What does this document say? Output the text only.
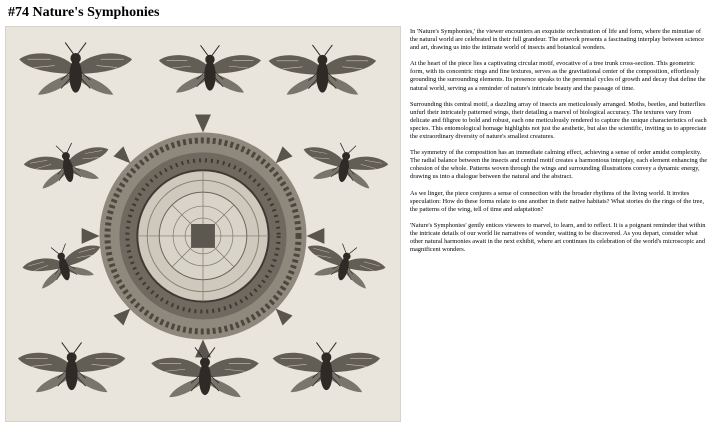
#74 Nature's Symphonies

In 'Nature's Symphonies,' the viewer encounters an exquisite orchestration of life and form, where the minutiae of the natural world are celebrated in their full grandeur. The artwork presents a fascinating interplay between science and art, drawing us into the intimate world of insects and botanical wonders.

At the heart of the piece lies a captivating circular motif, evocative of a tree trunk cross-section. This geometric form, with its concentric rings and fine textures, serves as the gravitational center of the composition, effortlessly grounding the surrounding elements. Its presence speaks to the perennial cycles of growth and decay that define the natural world, serving as a reminder of nature's intricate beauty and the passage of time.

Surrounding this central motif, a dazzling array of insects are meticulously arranged. Moths, beetles, and butterflies unfurl their intricately patterned wings, their detailing a marvel of biological accuracy. The textures vary from delicate and filigree to bold and robust, each one meticulously rendered to capture the unique characteristics of each species. This entomological homage highlights not just the aesthetic, but also the scientific, inviting us to appreciate the extraordinary diversity of nature's smallest creatures.

The symmetry of the composition has an immediate calming effect, achieving a sense of order amidst complexity. The radial balance between the insects and central motif creates a harmonious interplay, each element enhancing the cohesion of the whole. Patterns woven through the wings and surrounding illustrations convey a dynamic energy, drawing us into a dialogue between the natural and the abstract.

As we linger, the piece conjures a sense of connection with the broader rhythms of the living world. It invites speculation: How do these forms relate to one another in their native habitats? What stories do the rings of the tree, the patterns of the wing, tell of time and adaptation?

'Nature's Symphonies' gently entices viewers to marvel, to learn, and to reflect. It is a poignant reminder that within the intricate details of our world lie narratives of wonder, waiting to be discovered. As you depart, consider what other natural harmonies await in the next exhibit, where art continues its celebration of the world's microscopic and magnificent wonders.
